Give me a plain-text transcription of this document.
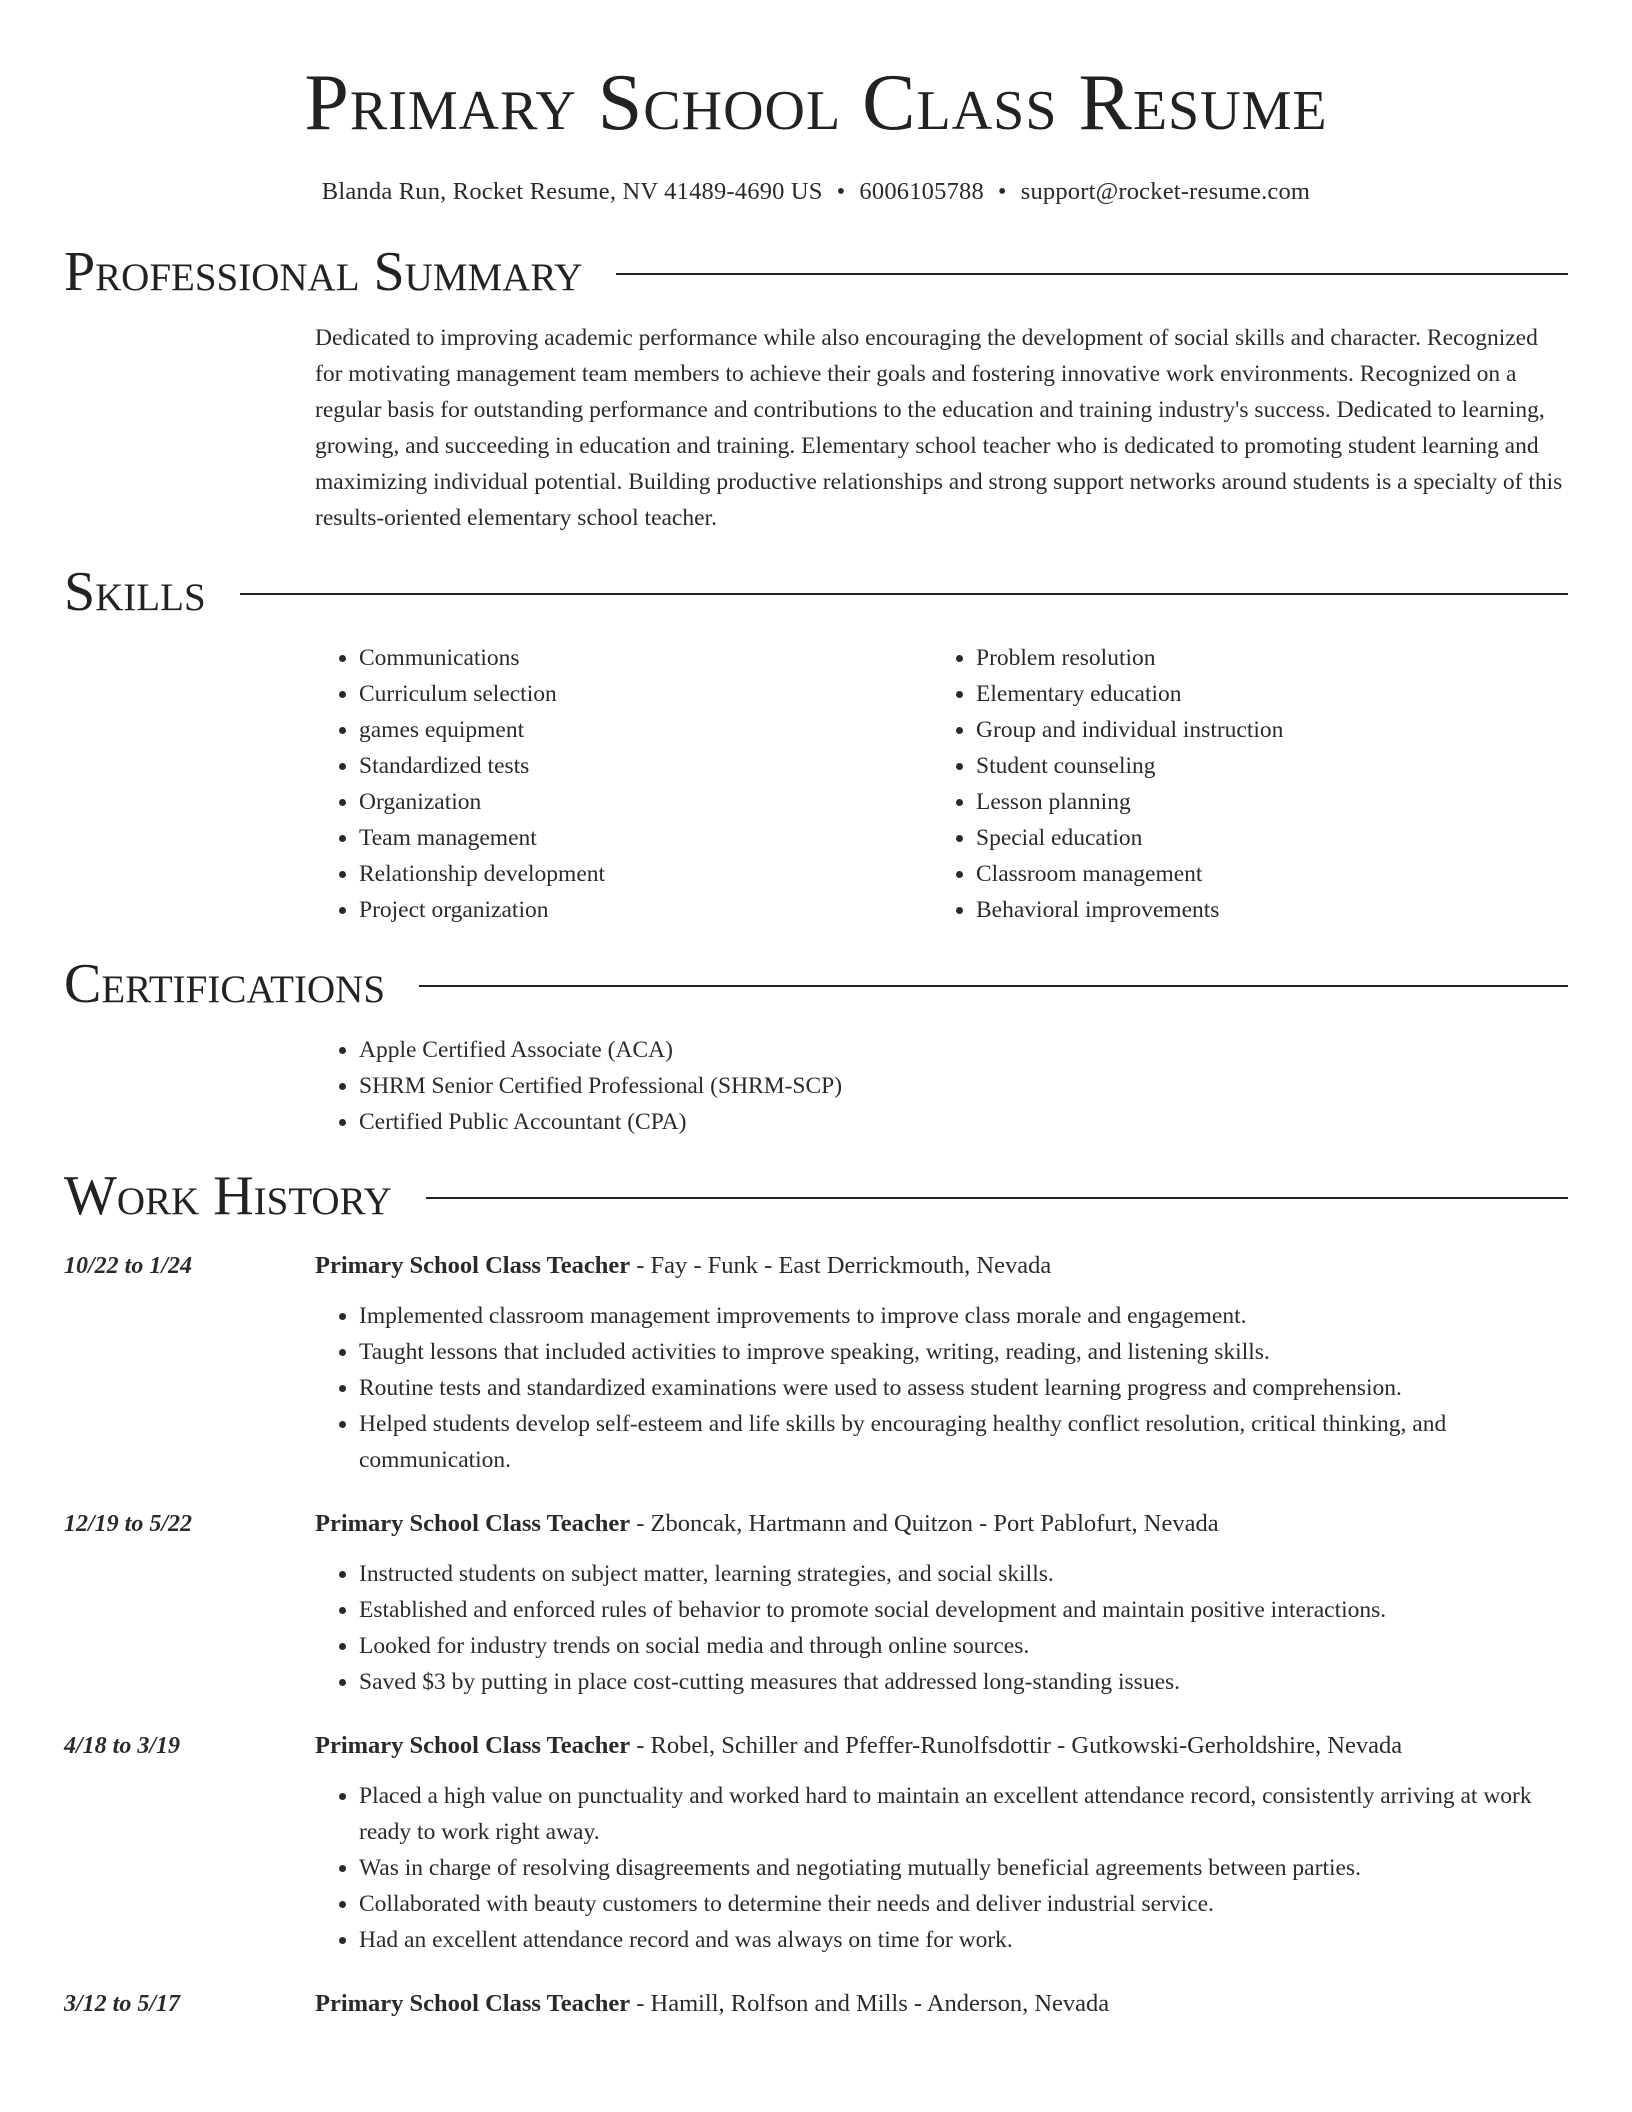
Primary School Class Resume
Blanda Run, Rocket Resume, NV 41489-4690 US • 6006105788 • support@rocket-resume.com
Professional Summary
Dedicated to improving academic performance while also encouraging the development of social skills and character. Recognized for motivating management team members to achieve their goals and fostering innovative work environments. Recognized on a regular basis for outstanding performance and contributions to the education and training industry's success. Dedicated to learning, growing, and succeeding in education and training. Elementary school teacher who is dedicated to promoting student learning and maximizing individual potential. Building productive relationships and strong support networks around students is a specialty of this results-oriented elementary school teacher.
Skills
• Communications
• Curriculum selection
• games equipment
• Standardized tests
• Organization
• Team management
• Relationship development
• Project organization
• Problem resolution
• Elementary education
• Group and individual instruction
• Student counseling
• Lesson planning
• Special education
• Classroom management
• Behavioral improvements
Certifications
• Apple Certified Associate (ACA)
• SHRM Senior Certified Professional (SHRM-SCP)
• Certified Public Accountant (CPA)
Work History
10/22 to 1/24	Primary School Class Teacher - Fay - Funk - East Derrickmouth, Nevada
• Implemented classroom management improvements to improve class morale and engagement.
• Taught lessons that included activities to improve speaking, writing, reading, and listening skills.
• Routine tests and standardized examinations were used to assess student learning progress and comprehension.
• Helped students develop self-esteem and life skills by encouraging healthy conflict resolution, critical thinking, and communication.
12/19 to 5/22	Primary School Class Teacher - Zboncak, Hartmann and Quitzon - Port Pablofurt, Nevada
• Instructed students on subject matter, learning strategies, and social skills.
• Established and enforced rules of behavior to promote social development and maintain positive interactions.
• Looked for industry trends on social media and through online sources.
• Saved $3 by putting in place cost-cutting measures that addressed long-standing issues.
4/18 to 3/19	Primary School Class Teacher - Robel, Schiller and Pfeffer-Runolfsdottir - Gutkowski-Gerholdshire, Nevada
• Placed a high value on punctuality and worked hard to maintain an excellent attendance record, consistently arriving at work ready to work right away.
• Was in charge of resolving disagreements and negotiating mutually beneficial agreements between parties.
• Collaborated with beauty customers to determine their needs and deliver industrial service.
• Had an excellent attendance record and was always on time for work.
3/12 to 5/17	Primary School Class Teacher - Hamill, Rolfson and Mills - Anderson, Nevada
